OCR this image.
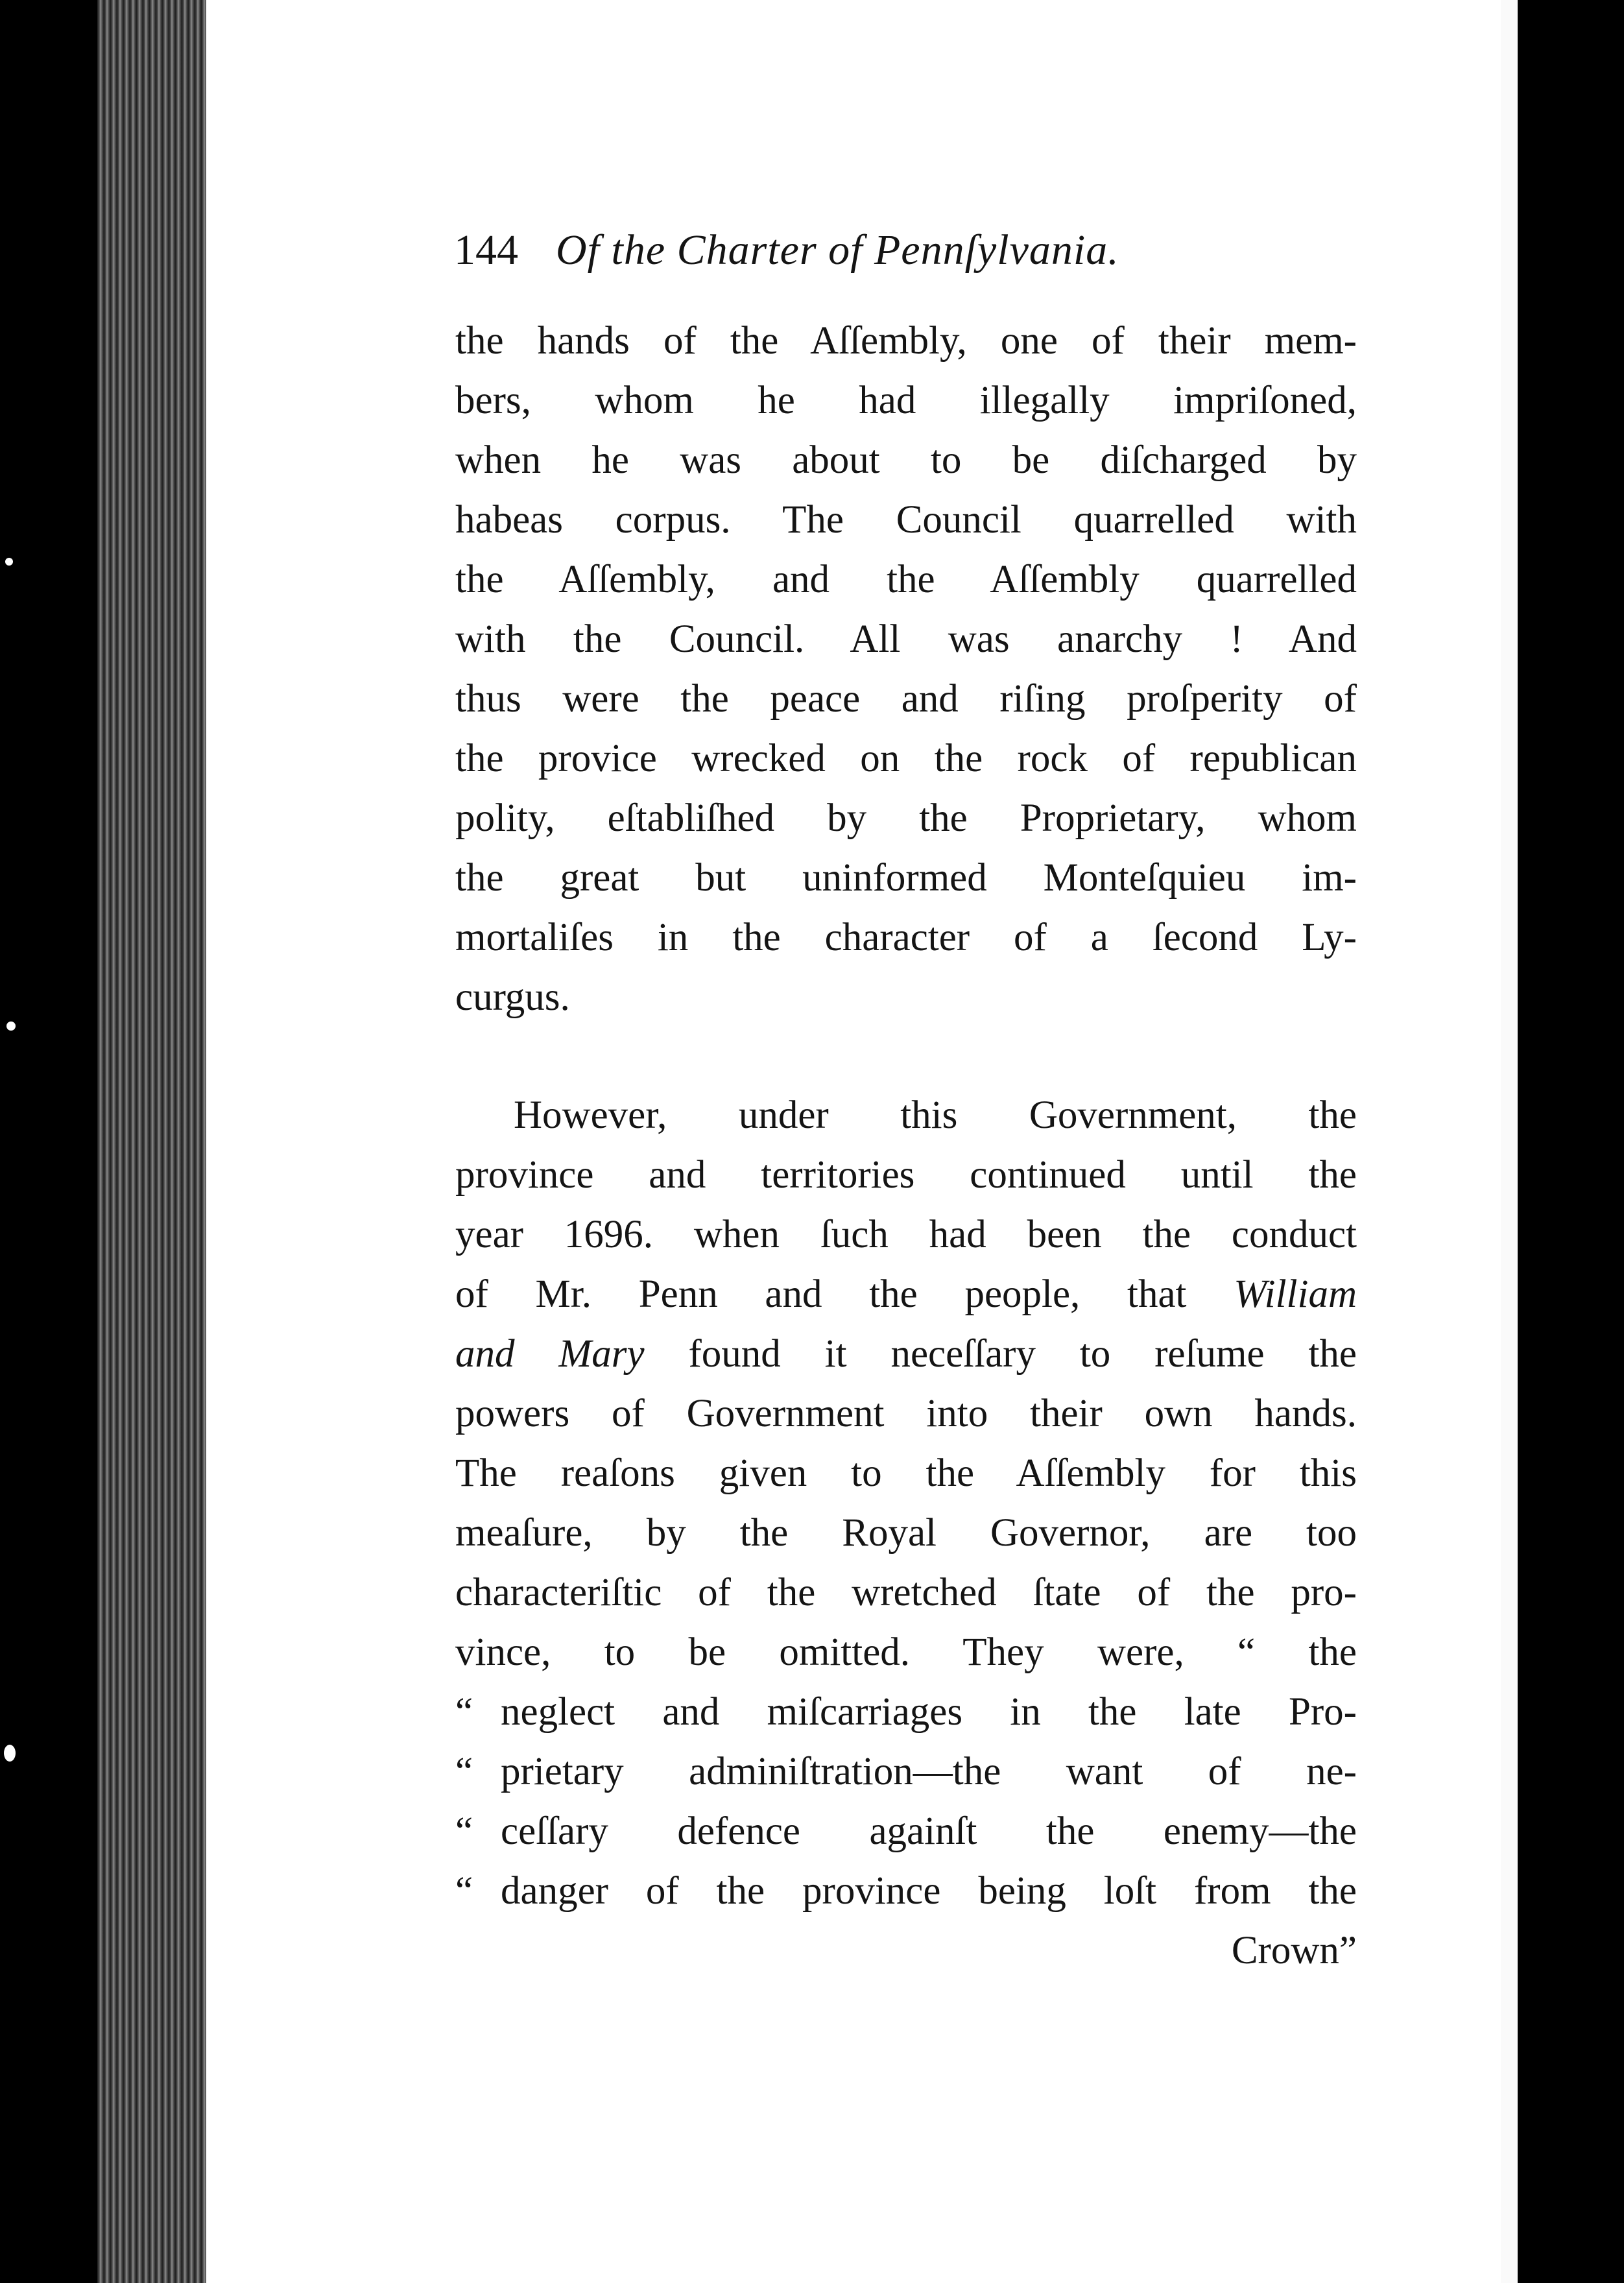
144 Of the Charter of Pennſylvania.
the hands of the Aſſembly, one of their mem-
bers, whom he had illegally impriſoned,
when he was about to be diſcharged by
habeas corpus. The Council quarrelled with
the Aſſembly, and the Aſſembly quarrelled
with the Council. All was anarchy ! And
thus were the peace and riſing proſperity of
the provice wrecked on the rock of republican
polity, eſtabliſhed by the Proprietary, whom
the great but uninformed Monteſquieu im-
mortaliſes in the character of a ſecond Ly-
curgus.
However, under this Government, the
province and territories continued until the
year 1696. when ſuch had been the conduct
of Mr. Penn and the people, that William
and Mary found it neceſſary to reſume the
powers of Government into their own hands.
The reaſons given to the Aſſembly for this
meaſure, by the Royal Governor, are too
characteriſtic of the wretched ſtate of the pro-
vince, to be omitted. They were, “ the
“ neglect and miſcarriages in the late Pro-
“ prietary adminiſtration—the want of ne-
“ ceſſary defence againſt the enemy—the
“ danger of the province being loſt from the
Crown”
